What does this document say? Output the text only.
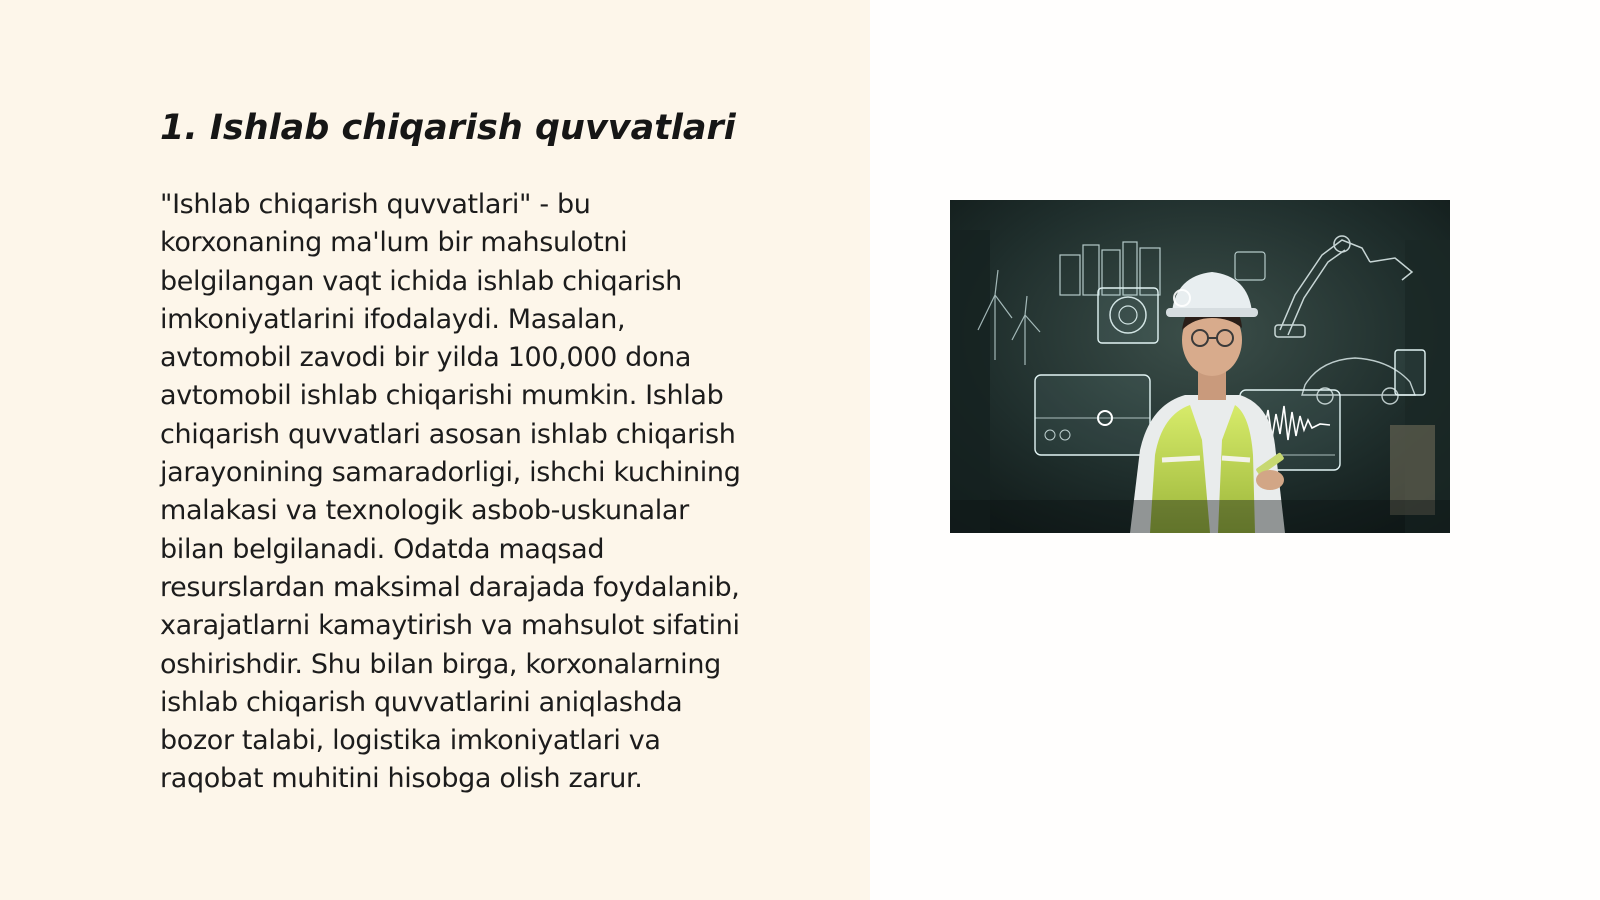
1. Ishlab chiqarish quvvatlari

"Ishlab chiqarish quvvatlari" - bu
korxonaning ma'lum bir mahsulotni
belgilangan vaqt ichida ishlab chiqarish
imkoniyatlarini ifodalaydi. Masalan,
avtomobil zavodi bir yilda 100,000 dona
avtomobil ishlab chiqarishi mumkin. Ishlab
chiqarish quvvatlari asosan ishlab chiqarish
jarayonining samaradorligi, ishchi kuchining
malakasi va texnologik asbob-uskunalar
bilan belgilanadi. Odatda maqsad
resurslardan maksimal darajada foydalanib,
xarajatlarni kamaytirish va mahsulot sifatini
oshirishdir. Shu bilan birga, korxonalarning
ishlab chiqarish quvvatlarini aniqlashda
bozor talabi, logistika imkoniyatlari va
raqobat muhitini hisobga olish zarur.
